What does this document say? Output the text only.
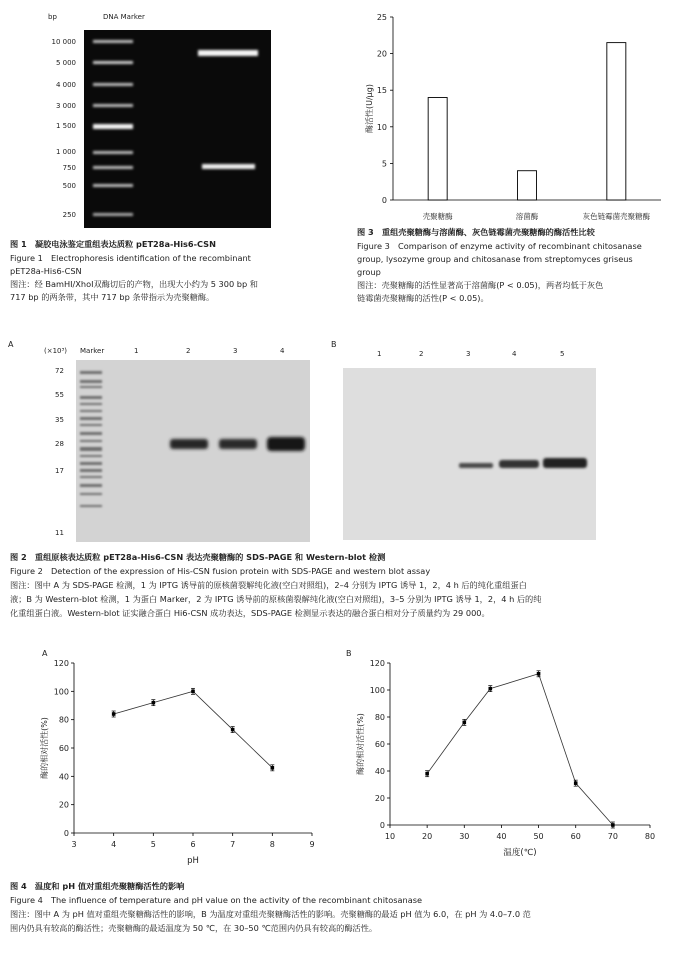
bp	DNA Marker
10 000
5 000
4 000
3 000
1 500
1 000
750
500
250
图 1　凝胶电泳鉴定重组表达质粒 pET28a-His6-CSN
Figure 1　Electrophoresis identification of the recombinant
pET28a-His6-CSN
图注：经 BamHI/XhoⅠ双酶切后的产物，出现大小约为 5 300 bp 和
717 bp 的两条带，其中 717 bp 条带指示为壳聚糖酶。
0
5
10
15
20
25
壳聚糖酶	溶菌酶	灰色链霉菌壳聚糖酶
酶活性(U/μg)
图 3　重组壳聚糖酶与溶菌酶、灰色链霉菌壳聚糖酶的酶活性比较
Figure 3　Comparison of enzyme activity of recombinant chitosanase
group, lysozyme group and chitosanase from streptomyces griseus
group
图注：壳聚糖酶的活性显著高于溶菌酶(P < 0.05)，两者均低于灰色
链霉菌壳聚糖酶的活性(P < 0.05)。
A
(×10³) Marker	1	2	3	4
72
55
35
28
17
11
B
1	2	3	4	5
图 2　重组原核表达质粒 pET28a-His6-CSN 表达壳聚糖酶的 SDS-PAGE 和 Western-blot 检测
Figure 2　Detection of the expression of His-CSN fusion protein with SDS-PAGE and western blot assay
图注：图中 A 为 SDS-PAGE 检测，1 为 IPTG 诱导前的原核菌裂解纯化液(空白对照组)，2–4 分别为 IPTG 诱导 1，2，4 h 后的纯化重组蛋白
液；B 为 Western-blot 检测，1 为蛋白 Marker，2 为 IPTG 诱导前的原核菌裂解纯化液(空白对照组)，3–5 分别为 IPTG 诱导 1，2，4 h 后的纯
化重组蛋白液。Western-blot 证实融合蛋白 Hi6-CSN 成功表达，SDS-PAGE 检测显示表达的融合蛋白相对分子质量约为 29 000。
A	B
0
20
40
60
80
100
120
3	4	5	6	7	8	9
pH
酶的相对活性(%)
0
20
40
60
80
100
120
10	20	30	40	50	60	70	80
温度(℃)
酶的相对活性(%)
图 4　温度和 pH 值对重组壳聚糖酶活性的影响
Figure 4　The influence of temperature and pH value on the activity of the recombinant chitosanase
图注：图中 A 为 pH 值对重组壳聚糖酶活性的影响，B 为温度对重组壳聚糖酶活性的影响。壳聚糖酶的最适 pH 值为 6.0，在 pH 为 4.0–7.0 范
围内仍具有较高的酶活性；壳聚糖酶的最适温度为 50 ℃，在 30–50 ℃范围内仍具有较高的酶活性。
